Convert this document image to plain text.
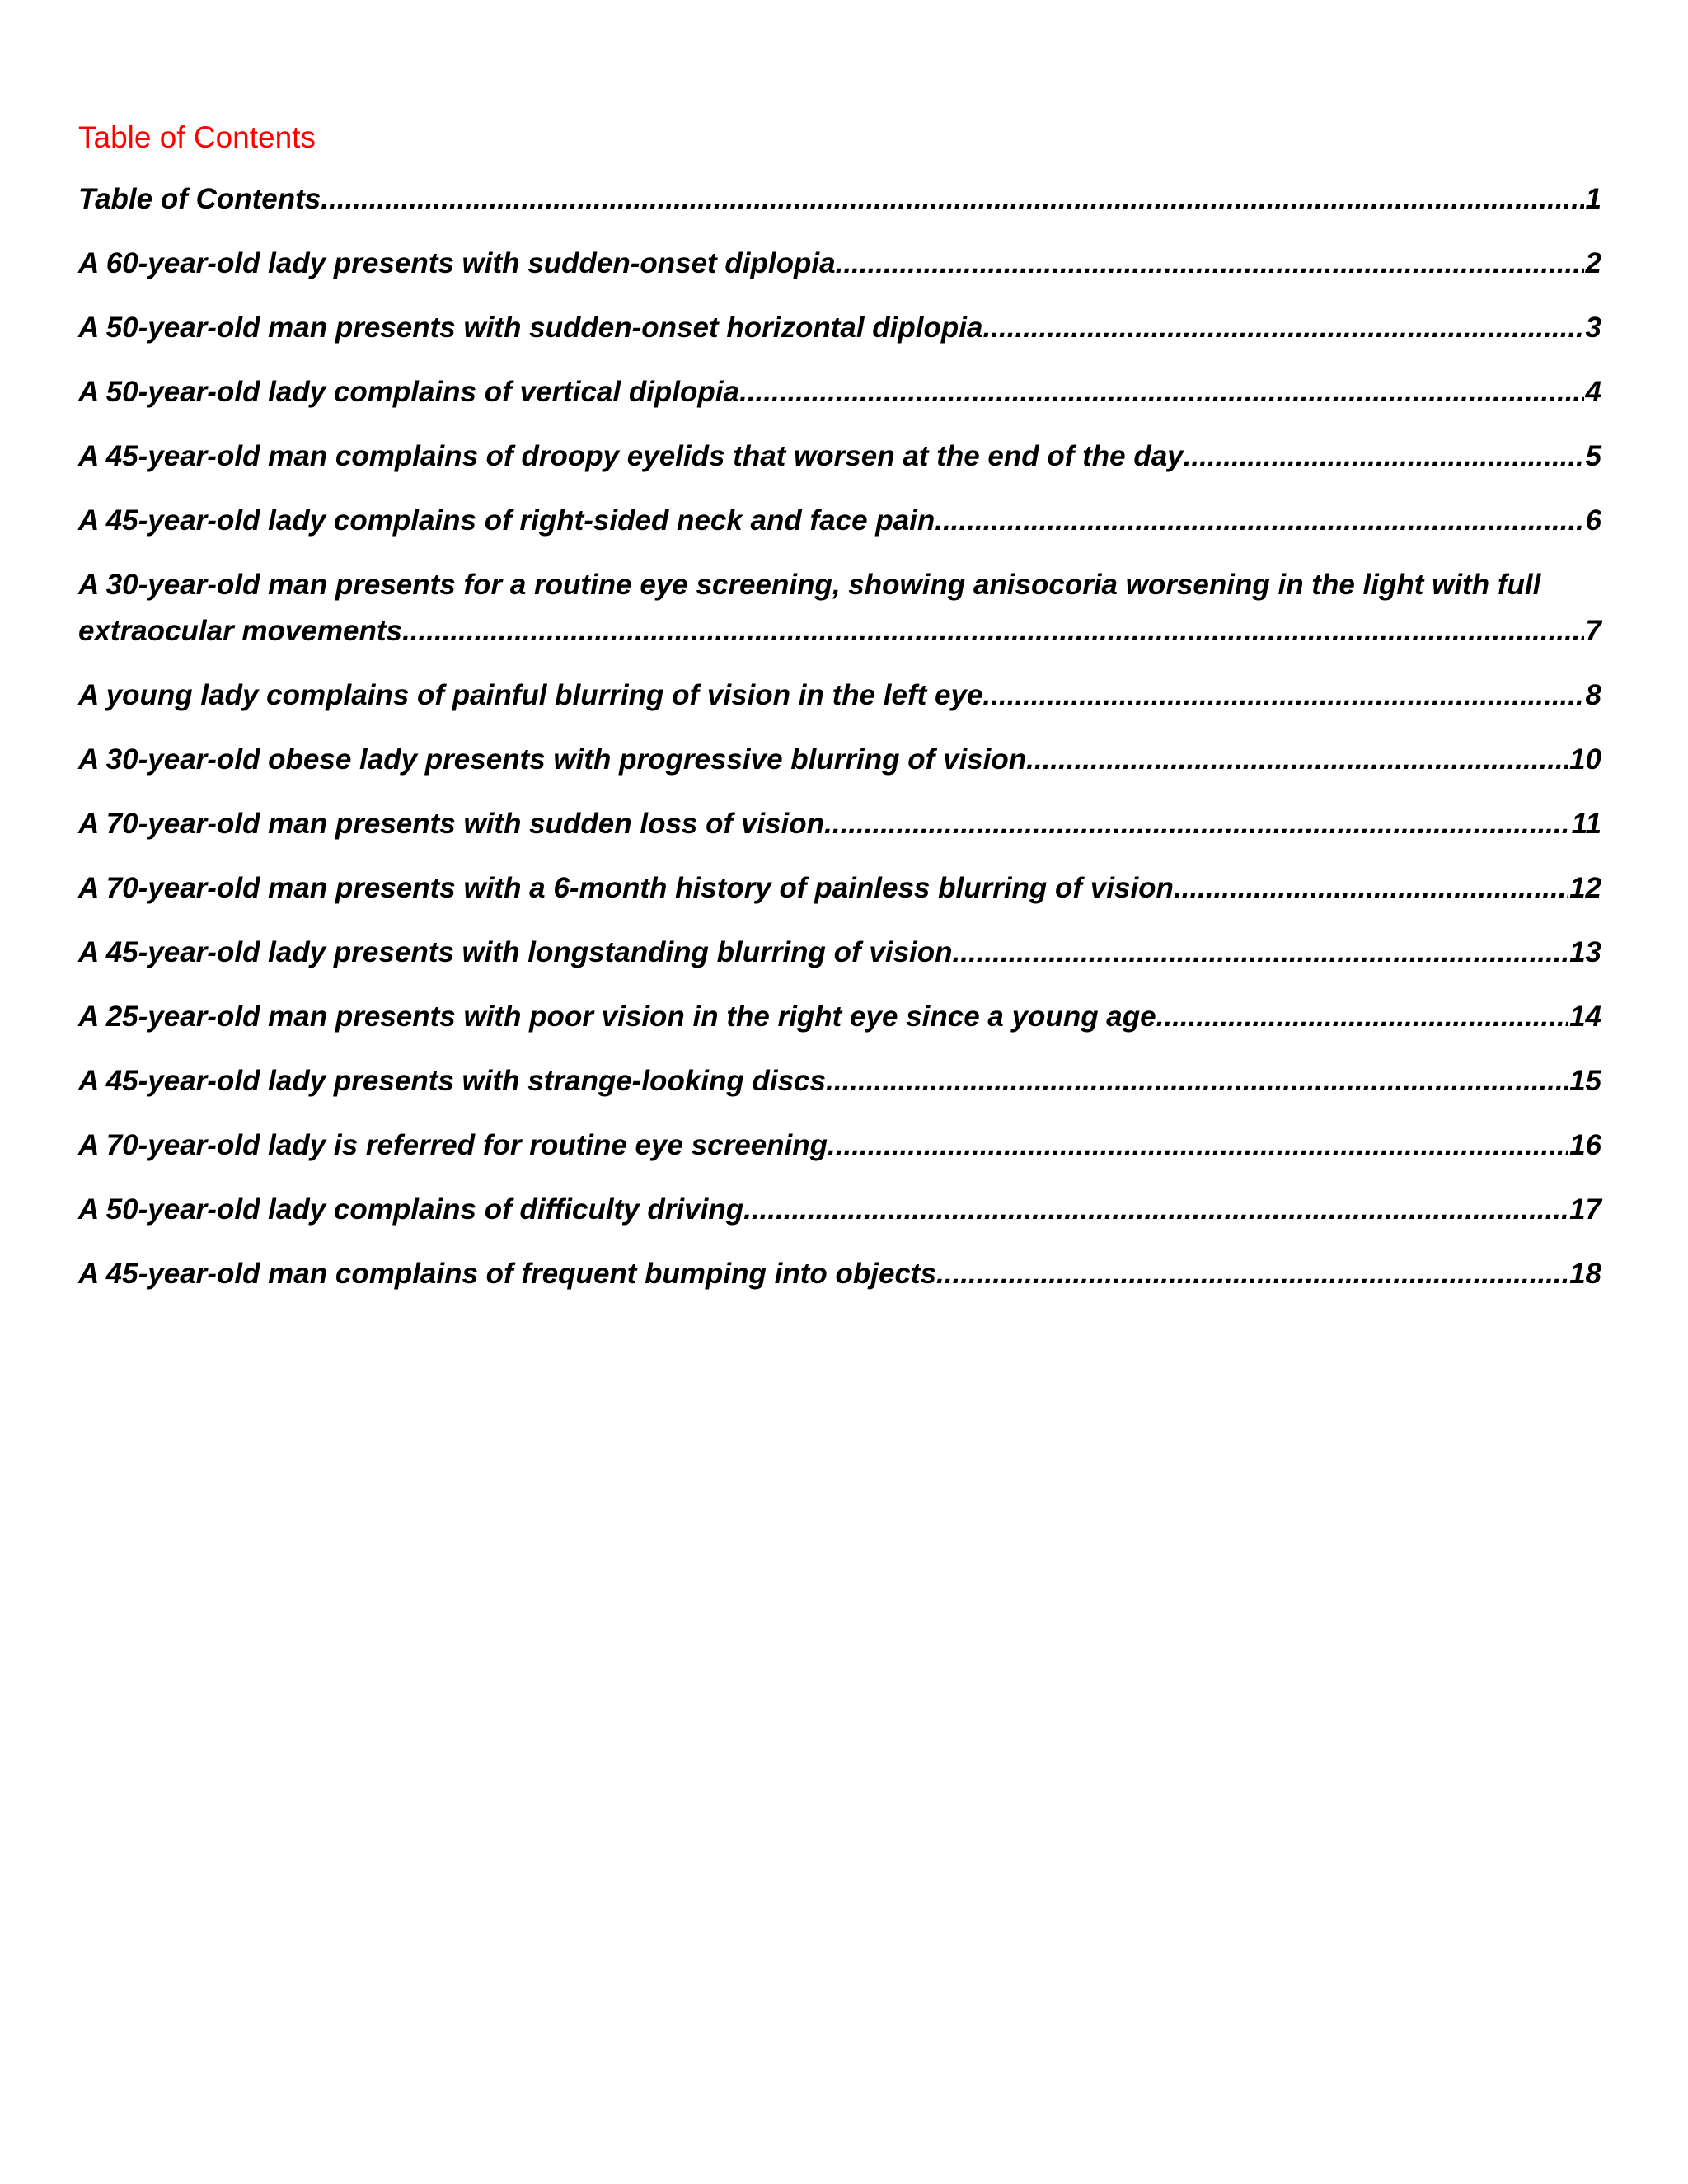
Table of Contents
Table of Contents .....	1
A 60-year-old lady presents with sudden-onset diplopia .....	2
A 50-year-old man presents with sudden-onset horizontal diplopia .....	3
A 50-year-old lady complains of vertical diplopia .....	4
A 45-year-old man complains of droopy eyelids that worsen at the end of the day .....	5
A 45-year-old lady complains of right-sided neck and face pain .....	6
A 30-year-old man presents for a routine eye screening, showing anisocoria worsening in the light with full
extraocular movements .....	7
A young lady complains of painful blurring of vision in the left eye .....	8
A 30-year-old obese lady presents with progressive blurring of vision .....	10
A 70-year-old man presents with sudden loss of vision .....	11
A 70-year-old man presents with a 6-month history of painless blurring of vision .....	12
A 45-year-old lady presents with longstanding blurring of vision .....	13
A 25-year-old man presents with poor vision in the right eye since a young age .....	14
A 45-year-old lady presents with strange-looking discs .....	15
A 70-year-old lady is referred for routine eye screening .....	16
A 50-year-old lady complains of difficulty driving .....	17
A 45-year-old man complains of frequent bumping into objects .....	18
